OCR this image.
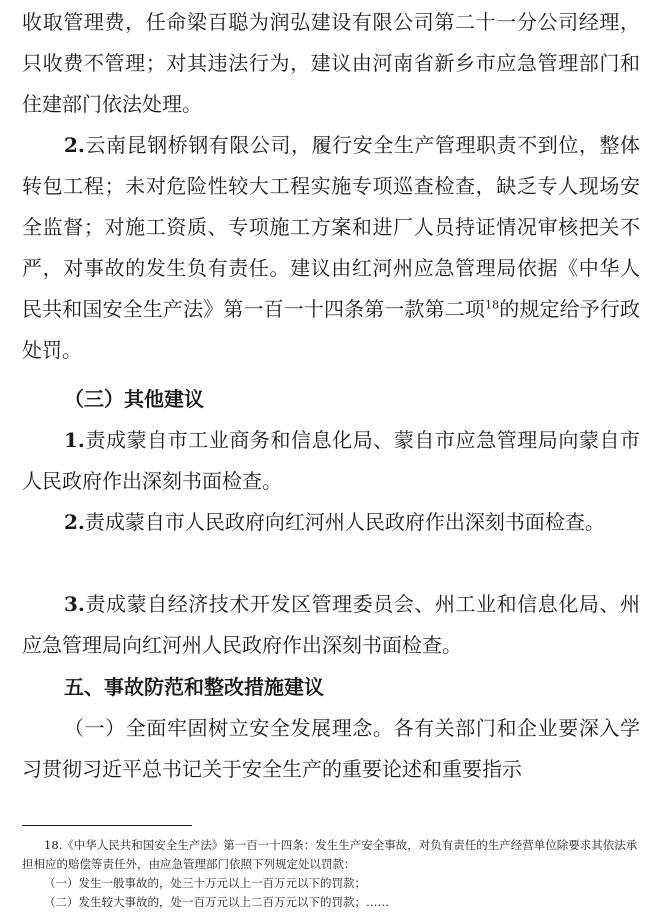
收取管理费，任命梁百聪为润弘建设有限公司第二十一分公司经理，只收费不管理；对其违法行为，建议由河南省新乡市应急管理部门和住建部门依法处理。

2.云南昆钢桥钢有限公司，履行安全生产管理职责不到位，整体转包工程；未对危险性较大工程实施专项巡查检查，缺乏专人现场安全监督；对施工资质、专项施工方案和进厂人员持证情况审核把关不严，对事故的发生负有责任。建议由红河州应急管理局依据《中华人民共和国安全生产法》第一百一十四条第一款第二项$^{18}$的规定给予行政处罚。

（三）其他建议

1.责成蒙自市工业商务和信息化局、蒙自市应急管理局向蒙自市人民政府作出深刻书面检查。

2.责成蒙自市人民政府向红河州人民政府作出深刻书面检查。

3.责成蒙自经济技术开发区管理委员会、州工业和信息化局、州应急管理局向红河州人民政府作出深刻书面检查。

五、事故防范和整改措施建议

（一）全面牢固树立安全发展理念。各有关部门和企业要深入学习贯彻习近平总书记关于安全生产的重要论述和重要指示

18.《中华人民共和国安全生产法》第一百一十四条：发生生产安全事故，对负有责任的生产经营单位除要求其依法承担相应的赔偿等责任外，由应急管理部门依照下列规定处以罚款：

（一）发生一般事故的，处三十万元以上一百万元以下的罚款；

（二）发生较大事故的，处一百万元以上二百万元以下的罚款；……
